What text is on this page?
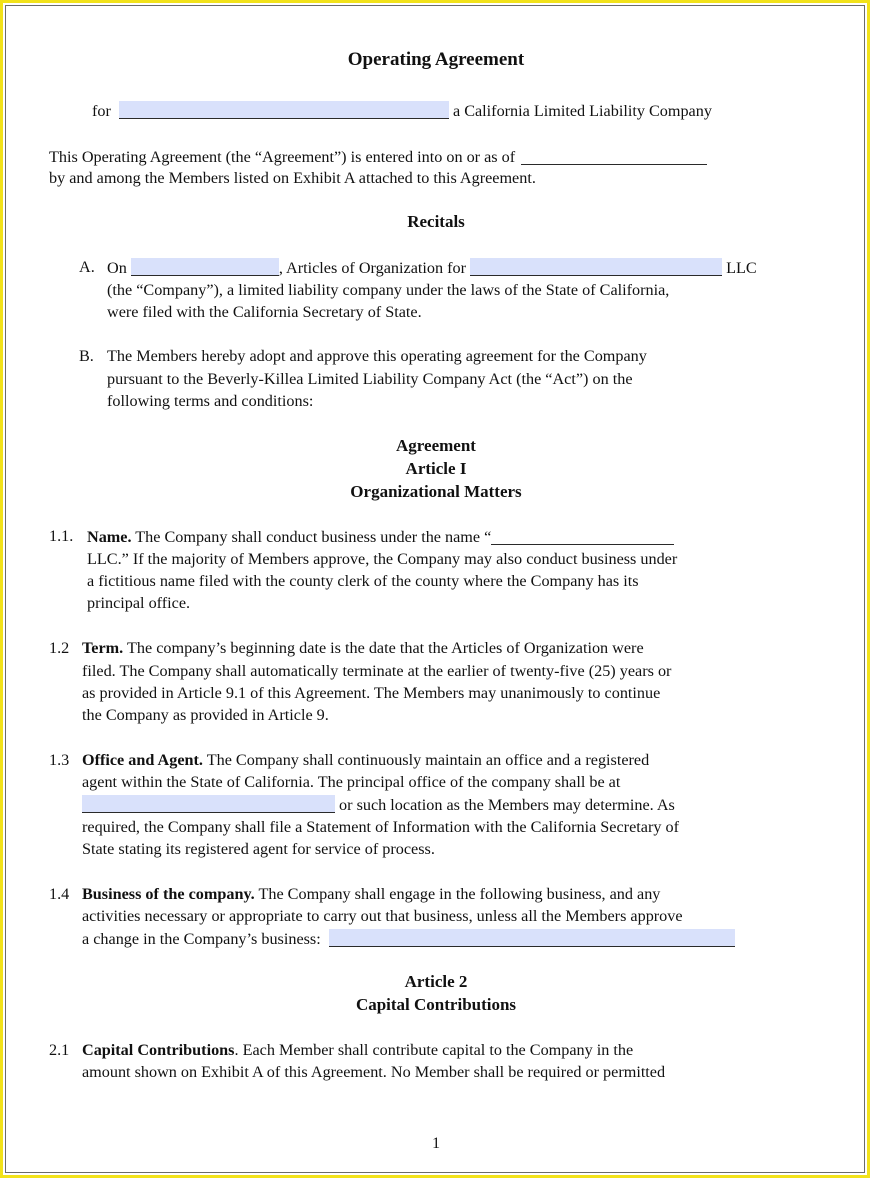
Operating Agreement
for	a California Limited Liability Company
This Operating Agreement (the “Agreement”) is entered into on or as of
by and among the Members listed on Exhibit A attached to this Agreement.
Recitals
A. On	, Articles of Organization for	LLC
(the “Company”), a limited liability company under the laws of the State of California,
were filed with the California Secretary of State.
B. The Members hereby adopt and approve this operating agreement for the Company
pursuant to the Beverly-Killea Limited Liability Company Act (the “Act”) on the
following terms and conditions:
Agreement
Article I
Organizational Matters
1.1. Name. The Company shall conduct business under the name “
LLC.” If the majority of Members approve, the Company may also conduct business under
a fictitious name filed with the county clerk of the county where the Company has its
principal office.
1.2 Term. The company’s beginning date is the date that the Articles of Organization were
filed. The Company shall automatically terminate at the earlier of twenty-five (25) years or
as provided in Article 9.1 of this Agreement. The Members may unanimously to continue
the Company as provided in Article 9.
1.3 Office and Agent. The Company shall continuously maintain an office and a registered
agent within the State of California. The principal office of the company shall be at
or such location as the Members may determine. As
required, the Company shall file a Statement of Information with the California Secretary of
State stating its registered agent for service of process.
1.4 Business of the company. The Company shall engage in the following business, and any
activities necessary or appropriate to carry out that business, unless all the Members approve
a change in the Company’s business:
Article 2
Capital Contributions
2.1 Capital Contributions. Each Member shall contribute capital to the Company in the
amount shown on Exhibit A of this Agreement. No Member shall be required or permitted
1
